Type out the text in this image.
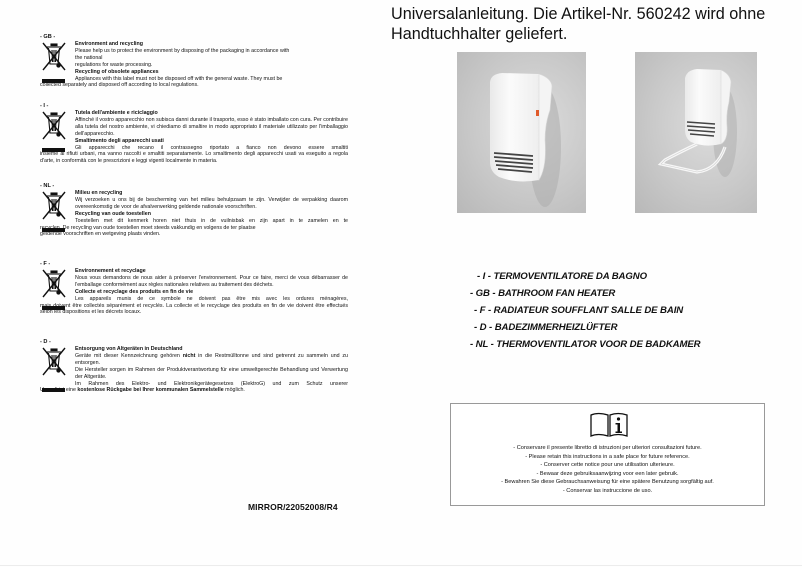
- GB -
Environment and recycling
Please help us to protect the environment by disposing of the packaging in accordance with
the national
regulations for waste processing.
Recycling of obsolete appliances
Appliances with this label must not be disposed off with the general waste. They must be
collected separately and disposed off according to local regulations.
- I -
Tutela dell'ambiente e riciclaggio
Affinché il vostro apparecchio non subisca danni durante il trasporto, esso è stato imballato con cura. Per contribuire alla tutela del nostro ambiente, vi chiediamo di smaltire in modo appropriato il materiale utilizzato per l'imballaggio dell'apparecchio.
Smaltimento degli apparecchi usati
Gli apparecchi che recano il contrassegno riportato a fianco non devono essere smaltiti
insieme ai rifiuti urbani, ma vanno raccolti e smaltiti separatamente. Lo smaltimento degli apparecchi usati va eseguito a regola d'arte, in conformità con le prescrizioni e leggi vigenti localmente in materia.
- NL -
Milieu en recycling
Wij verzoeken u ons bij de bescherming van het milieu behulpzaam te zijn. Verwijder de verpakking daarom overeenkomstig de voor de afvalverwerking geldende nationale voorschriften.
Recycling van oude toestellen
Toestellen met dit kenmerk horen niet thuis in de vuilnisbak en zijn apart in te zamelen en te
recyclen. De recycling van oude toestellen moet steeds vakkundig en volgens de ter plaatse
geldende voorschriften en wetgeving plaats vinden.
- F -
Environnement et recyclage
Nous vous demandons de nous aider à préserver l'environnement. Pour ce faire, merci de vous débarrasser de l'emballage conformément aux règles nationales relatives au traitement des déchets.
Collecte et recyclage des produits en fin de vie
Les appareils munis de ce symbole ne doivent pas être mis avec les ordures ménagères,
mais doivent être collectés séparément et recyclés. La collecte et le recyclage des produits en fin de vie doivent être effectués selon les dispositions et les décrets locaux.
- D -
Entsorgung von Altgeräten in Deutschland
Geräte mit dieser Kennzeichnung gehören nicht in die Restmülltonne und sind getrennt zu sammeln und zu entsorgen.
Die Hersteller sorgen im Rahmen der Produktverantwortung für eine umweltgerechte Behandlung und Verwertung der Altgeräte.
Im Rahmen des Elektro- und Elektronikgerätegesetzes (ElektroG) und zum Schutz unserer
Umwelt ist eine kostenlose Rückgabe bei Ihrer kommunalen Sammelstelle möglich.
MIRROR/22052008/R4
Universalanleitung. Die Artikel-Nr. 560242 wird ohne Handtuchhalter geliefert.
- I - TERMOVENTILATORE DA BAGNO
- GB - BATHROOM FAN HEATER
- F - RADIATEUR SOUFFLANT SALLE DE BAIN
- D - BADEZIMMERHEIZLÜFTER
- NL - THERMOVENTILATOR VOOR DE BADKAMER
- Conservare il presente libretto di istruzioni per ulteriori consultazioni future.
- Please retain this instructions in a safe place for future reference.
- Conserver cette notice pour une utilisation ulterieure.
- Bewaar deze gebruiksaanwijzing voor een later gebruik.
- Bewahren Sie diese Gebrauchsanweisung für eine spätere Benutzung sorgfältig auf.
- Conservar las instruccione de uso.
